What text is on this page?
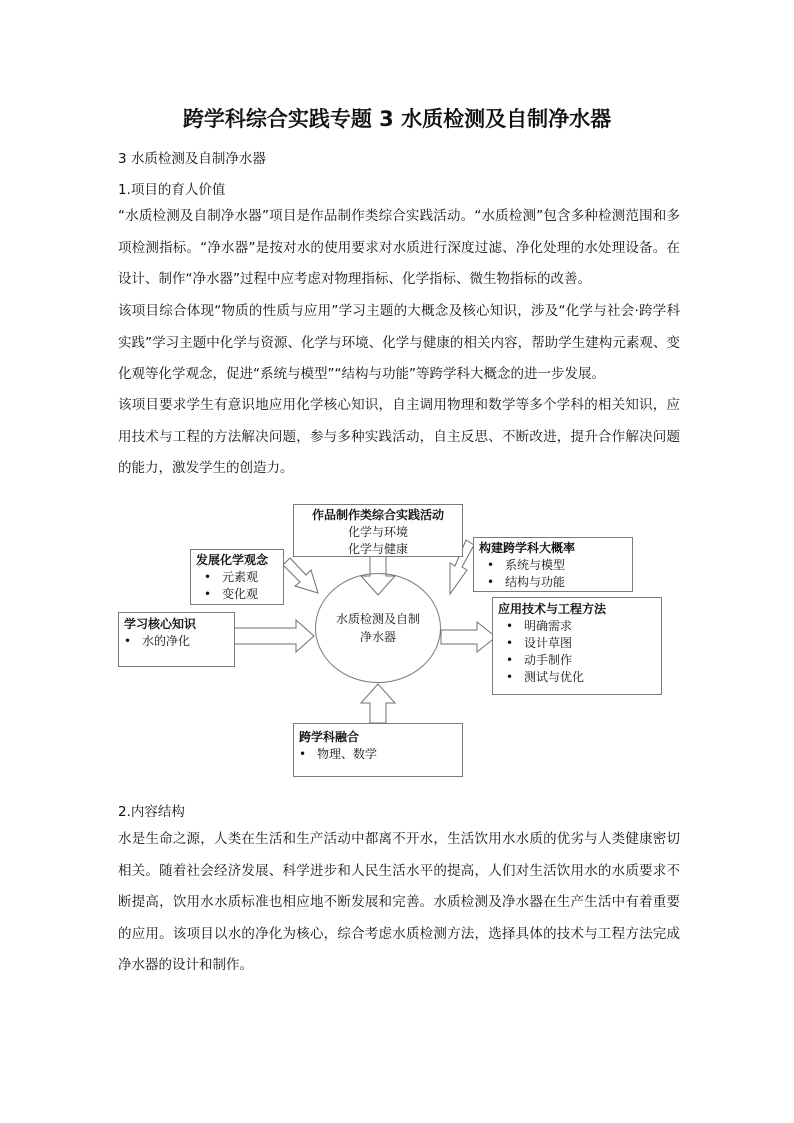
跨学科综合实践专题 3 水质检测及自制净水器
3 水质检测及自制净水器
1.项目的育人价值
“水质检测及自制净水器”项目是作品制作类综合实践活动。“水质检测”包含多种检测范围和多项检测指标。“净水器”是按对水的使用要求对水质进行深度过滤、净化处理的水处理设备。在设计、制作“净水器”过程中应考虑对物理指标、化学指标、微生物指标的改善。
该项目综合体现“物质的性质与应用”学习主题的大概念及核心知识，涉及“化学与社会·跨学科实践”学习主题中化学与资源、化学与环境、化学与健康的相关内容，帮助学生建构元素观、变化观等化学观念，促进“系统与模型”“结构与功能”等跨学科大概念的进一步发展。
该项目要求学生有意识地应用化学核心知识，自主调用物理和数学等多个学科的相关知识，应用技术与工程的方法解决问题，参与多种实践活动，自主反思、不断改进，提升合作解决问题的能力，激发学生的创造力。
作品制作类综合实践活动
化学与环境
化学与健康
发展化学观念
• 元素观
• 变化观
构建跨学科大概率
• 系统与模型
• 结构与功能
学习核心知识
• 水的净化
水质检测及自制
净水器
应用技术与工程方法
• 明确需求
• 设计草图
• 动手制作
• 测试与优化
跨学科融合
• 物理、数学
2.内容结构
水是生命之源，人类在生活和生产活动中都离不开水，生活饮用水水质的优劣与人类健康密切相关。随着社会经济发展、科学进步和人民生活水平的提高，人们对生活饮用水的水质要求不断提高，饮用水水质标准也相应地不断发展和完善。水质检测及净水器在生产生活中有着重要的应用。该项目以水的净化为核心，综合考虑水质检测方法，选择具体的技术与工程方法完成净水器的设计和制作。
